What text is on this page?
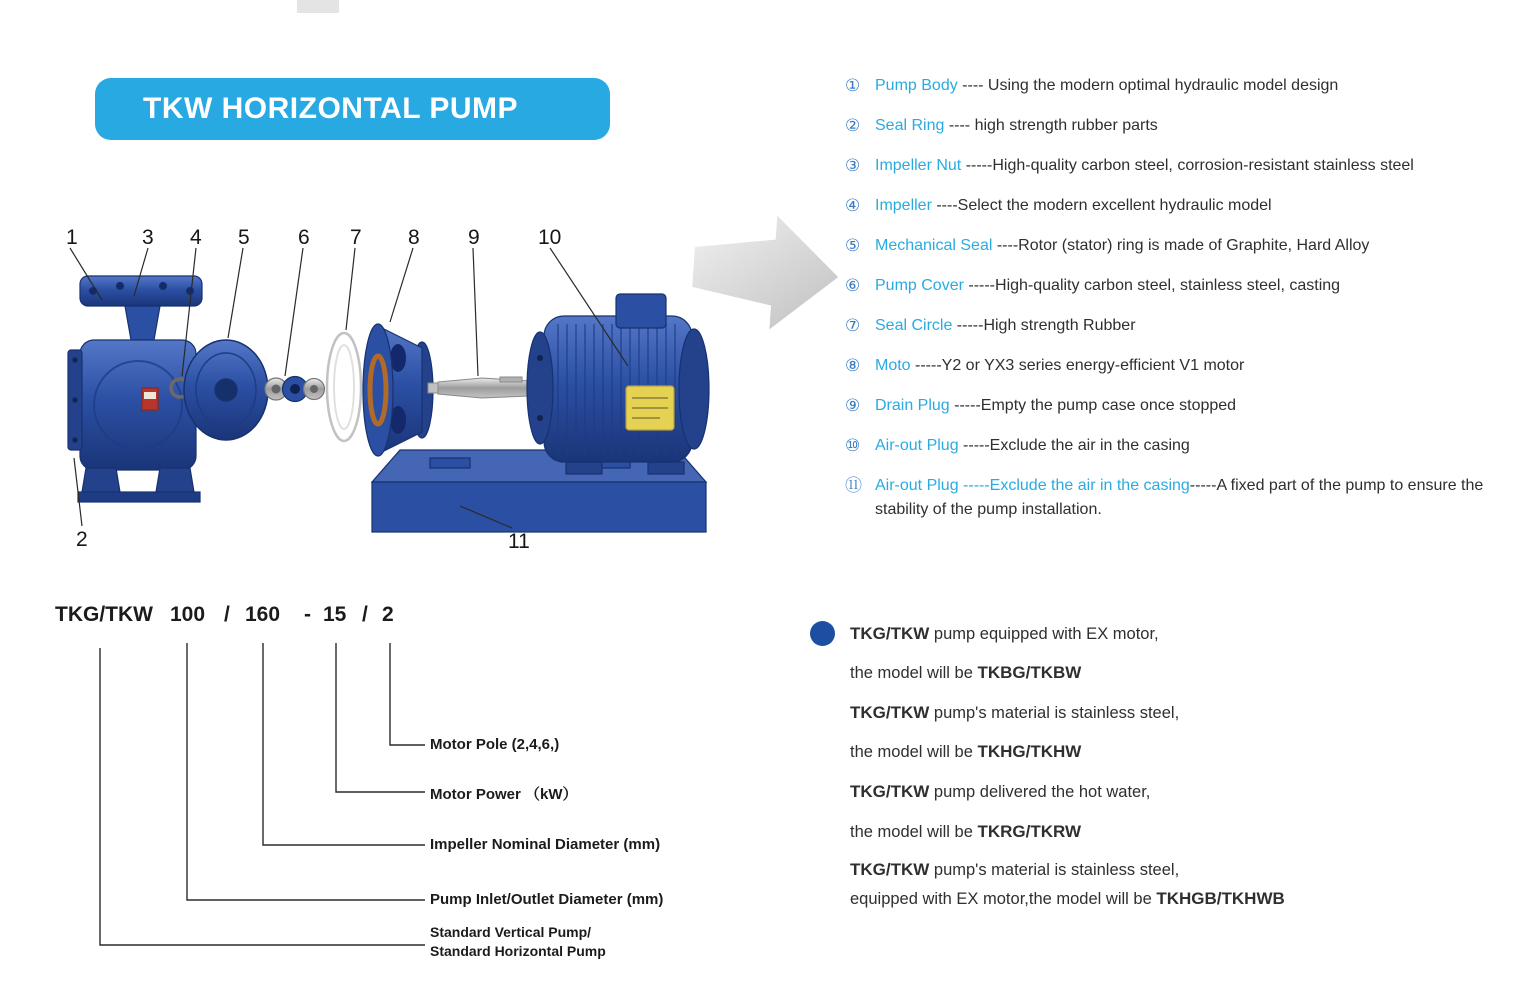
TKW HORIZONTAL PUMP
1	3 4 5 6 7 8 9	10
2	11
① Pump Body ---- Using the modern optimal hydraulic model design
② Seal Ring ---- high strength rubber parts
③ Impeller Nut -----High-quality carbon steel, corrosion-resistant stainless steel
④ Impeller ----Select the modern excellent hydraulic model
⑤ Mechanical Seal ----Rotor (stator) ring is made of Graphite, Hard Alloy
⑥ Pump Cover -----High-quality carbon steel, stainless steel, casting
⑦ Seal Circle -----High strength Rubber
⑧ Moto -----Y2 or YX3 series energy-efficient V1 motor
⑨ Drain Plug -----Empty the pump case once stopped
⑩ Air-out Plug -----Exclude the air in the casing
⑪ Air-out Plug -----Exclude the air in the casing-----A fixed part of the pump to ensure the stability of the pump installation.
TKG/TKW 100 / 160 - 15 / 2
Motor Pole (2,4,6,)
Motor Power （kW）
Impeller Nominal Diameter (mm)
Pump Inlet/Outlet Diameter (mm)
Standard Vertical Pump/
Standard Horizontal Pump
TKG/TKW pump equipped with EX motor,
the model will be TKBG/TKBW
TKG/TKW pump's material is stainless steel,
the model will be TKHG/TKHW
TKG/TKW pump delivered the hot water,
the model will be TKRG/TKRW
TKG/TKW pump's material is stainless steel,
equipped with EX motor,the model will be TKHGB/TKHWB
